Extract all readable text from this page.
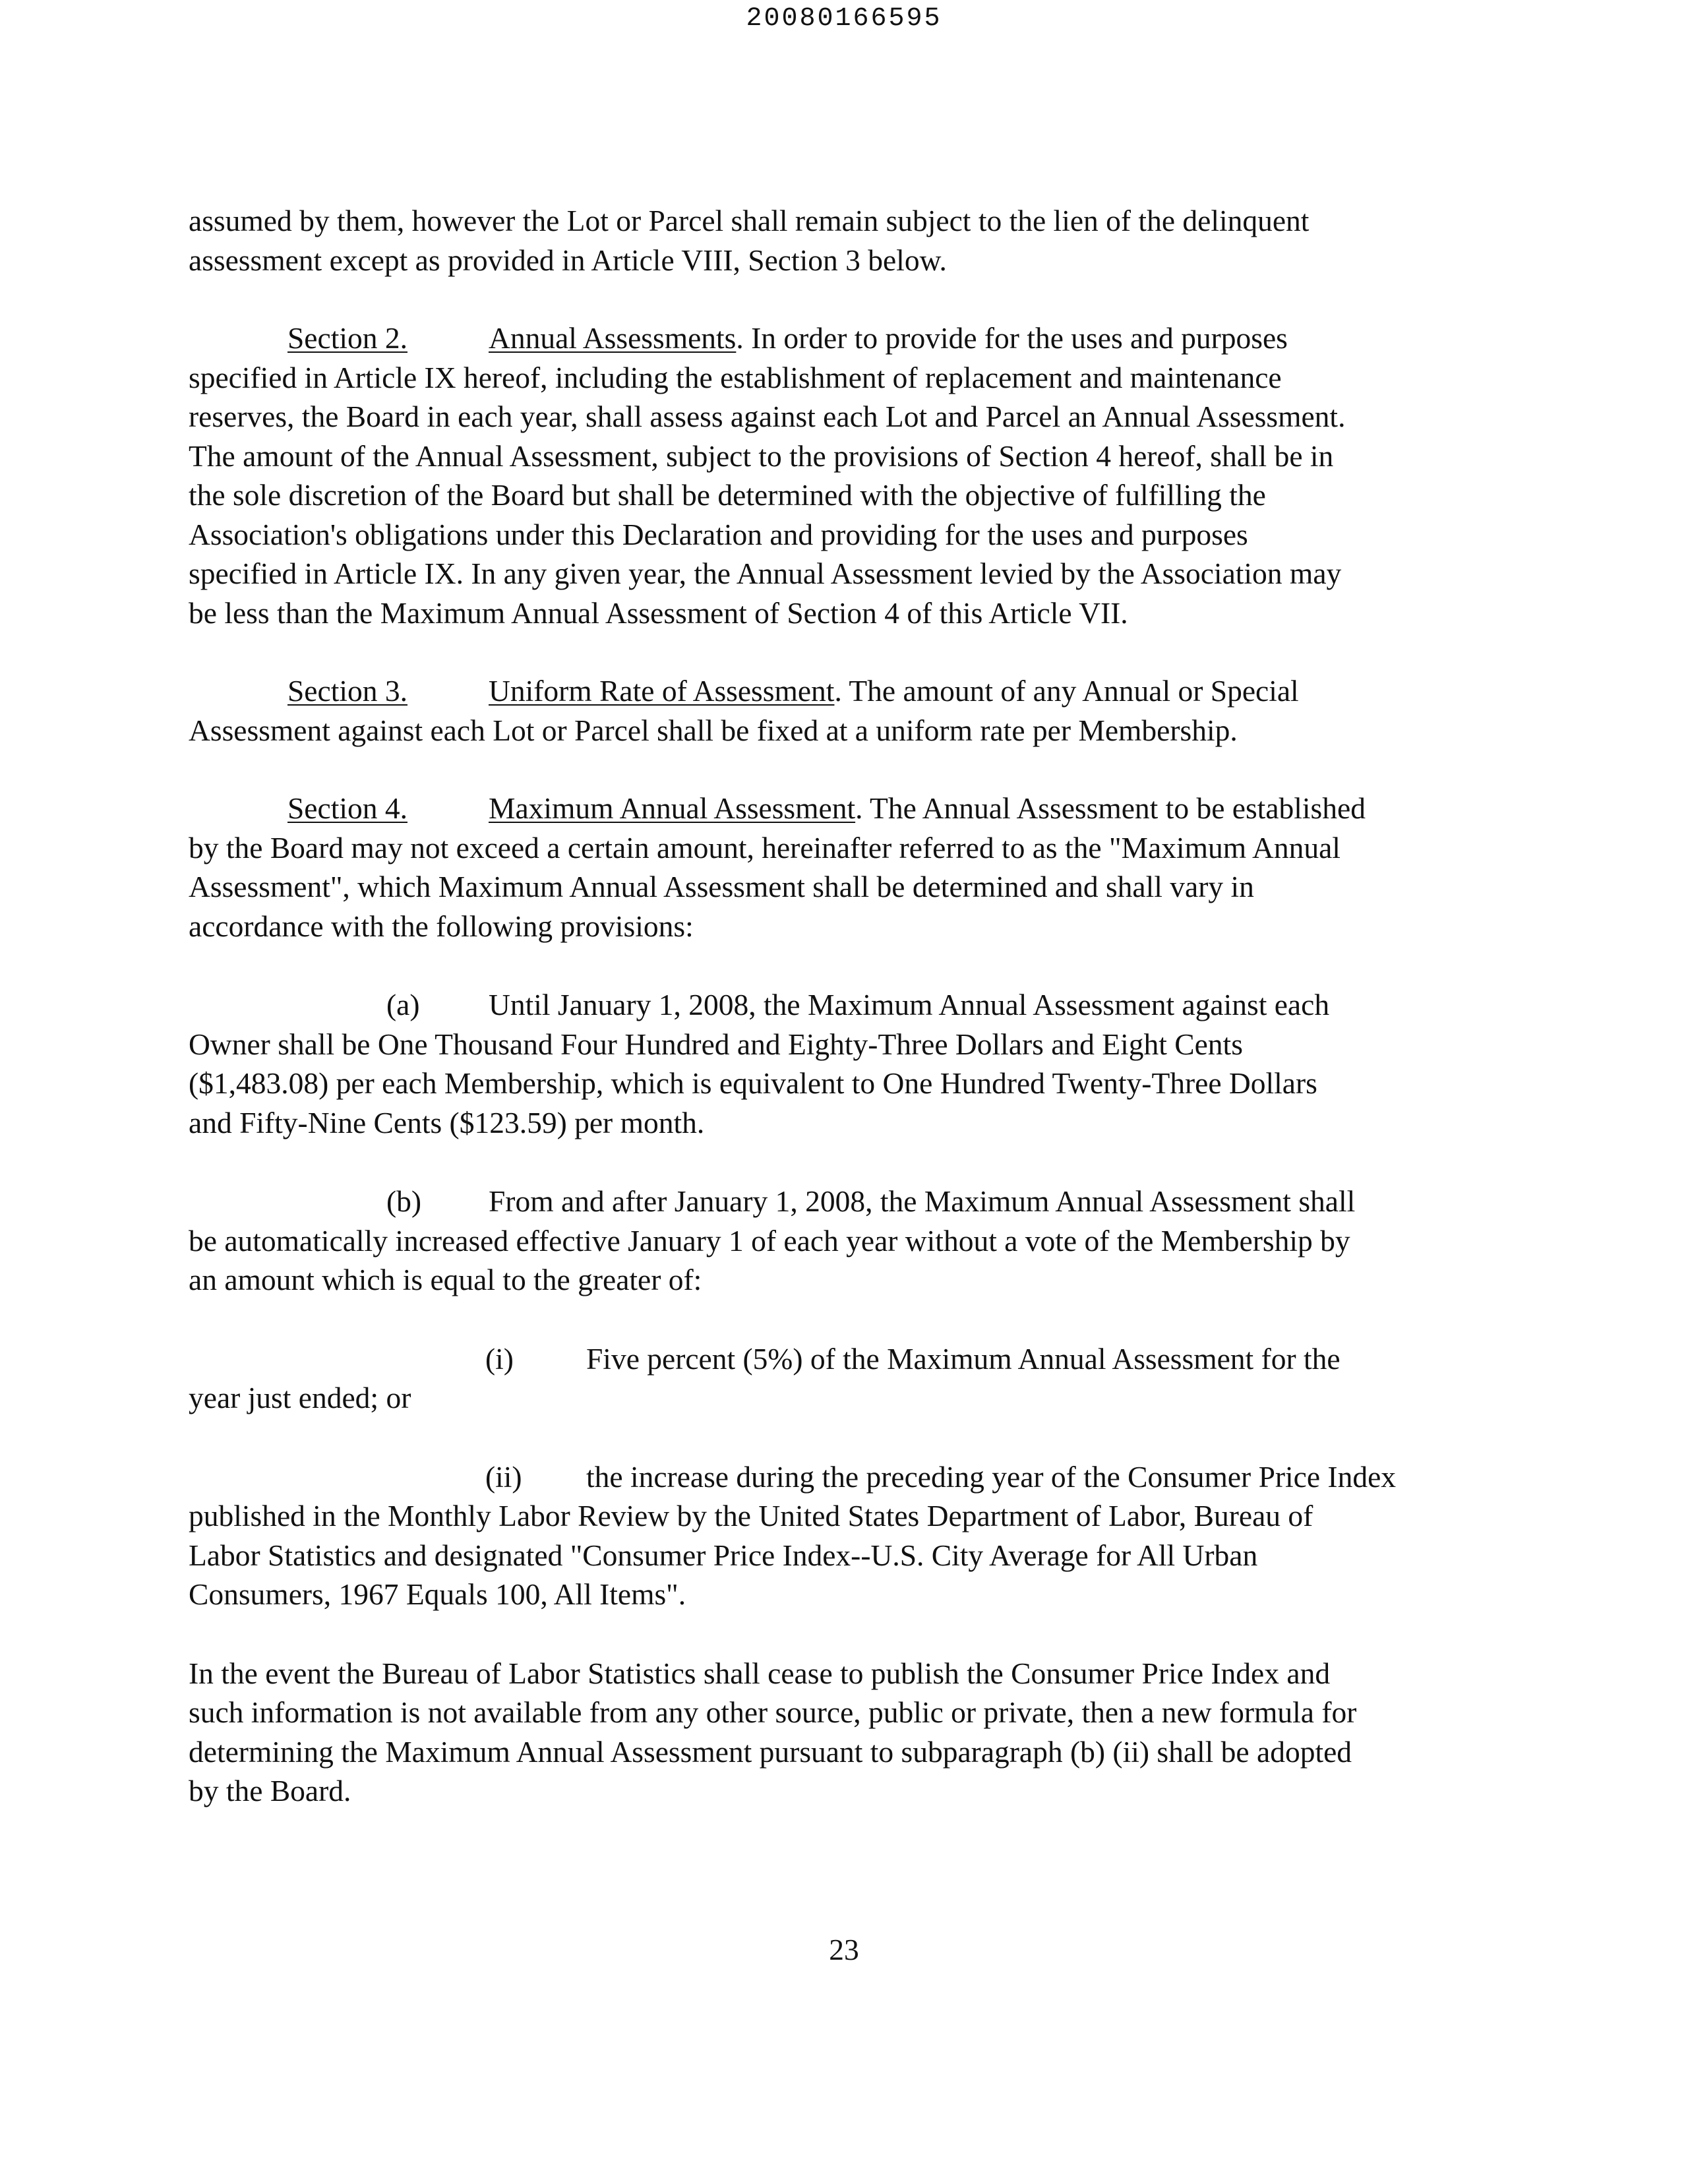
20080166595

assumed by them, however the Lot or Parcel shall remain subject to the lien of the delinquent
assessment except as provided in Article VIII, Section 3 below.

Section 2.	Annual Assessments. In order to provide for the uses and purposes
specified in Article IX hereof, including the establishment of replacement and maintenance
reserves, the Board in each year, shall assess against each Lot and Parcel an Annual Assessment.
The amount of the Annual Assessment, subject to the provisions of Section 4 hereof, shall be in
the sole discretion of the Board but shall be determined with the objective of fulfilling the
Association's obligations under this Declaration and providing for the uses and purposes
specified in Article IX. In any given year, the Annual Assessment levied by the Association may
be less than the Maximum Annual Assessment of Section 4 of this Article VII.

Section 3.	Uniform Rate of Assessment. The amount of any Annual or Special
Assessment against each Lot or Parcel shall be fixed at a uniform rate per Membership.

Section 4.	Maximum Annual Assessment. The Annual Assessment to be established
by the Board may not exceed a certain amount, hereinafter referred to as the "Maximum Annual
Assessment", which Maximum Annual Assessment shall be determined and shall vary in
accordance with the following provisions:

(a) Until January 1, 2008, the Maximum Annual Assessment against each
Owner shall be One Thousand Four Hundred and Eighty-Three Dollars and Eight Cents
($1,483.08) per each Membership, which is equivalent to One Hundred Twenty-Three Dollars
and Fifty-Nine Cents ($123.59) per month.

(b) From and after January 1, 2008, the Maximum Annual Assessment shall
be automatically increased effective January 1 of each year without a vote of the Membership by
an amount which is equal to the greater of:

(i) Five percent (5%) of the Maximum Annual Assessment for the
year just ended; or

(ii) the increase during the preceding year of the Consumer Price Index
published in the Monthly Labor Review by the United States Department of Labor, Bureau of
Labor Statistics and designated "Consumer Price Index--U.S. City Average for All Urban
Consumers, 1967 Equals 100, All Items".

In the event the Bureau of Labor Statistics shall cease to publish the Consumer Price Index and
such information is not available from any other source, public or private, then a new formula for
determining the Maximum Annual Assessment pursuant to subparagraph (b) (ii) shall be adopted
by the Board.

23
